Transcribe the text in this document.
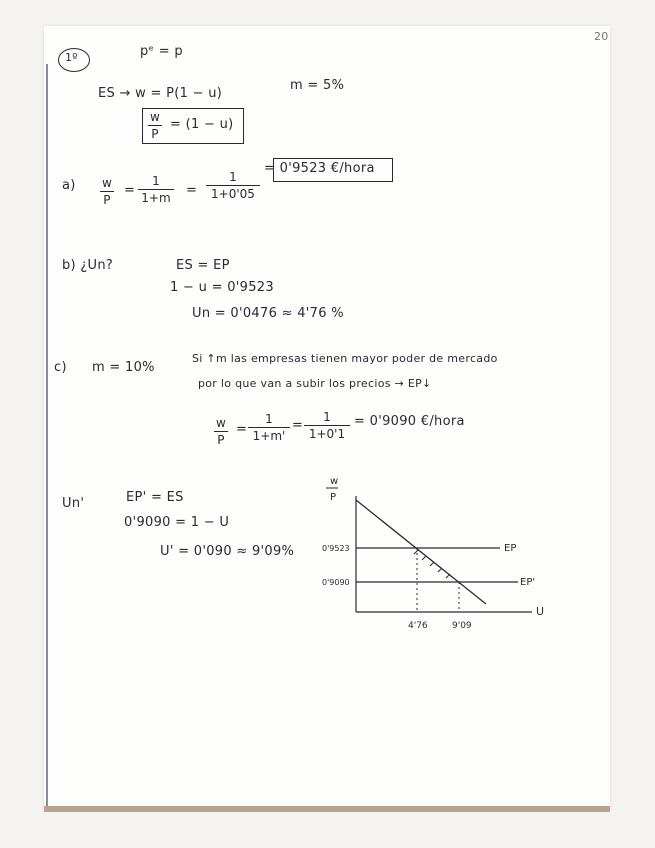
20
1º	pᵉ = p
ES → w = P(1 − u)
m = 5%
w
P
= (1 − u)
a) w
P
=
1
1+m =
1
1+0'05
= 0'9523 €/hora
b) ¿Un?	ES = EP
1 − u = 0'9523
Un = 0'0476 ≈ 4'76 %
c) m = 10%
Si ↑m las empresas tienen mayor poder de mercado
por lo que van a subir los precios → EP↓
w
P
=
1
1+m'
=
1
1+0'1
= 0'9090 €/hora
Un'	EP' = ES
0'9090 = 1 − U
U' = 0'090 ≈ 9'09%
w
P
U
EP
EP'
0'9523
0'9090
4'76	9'09
